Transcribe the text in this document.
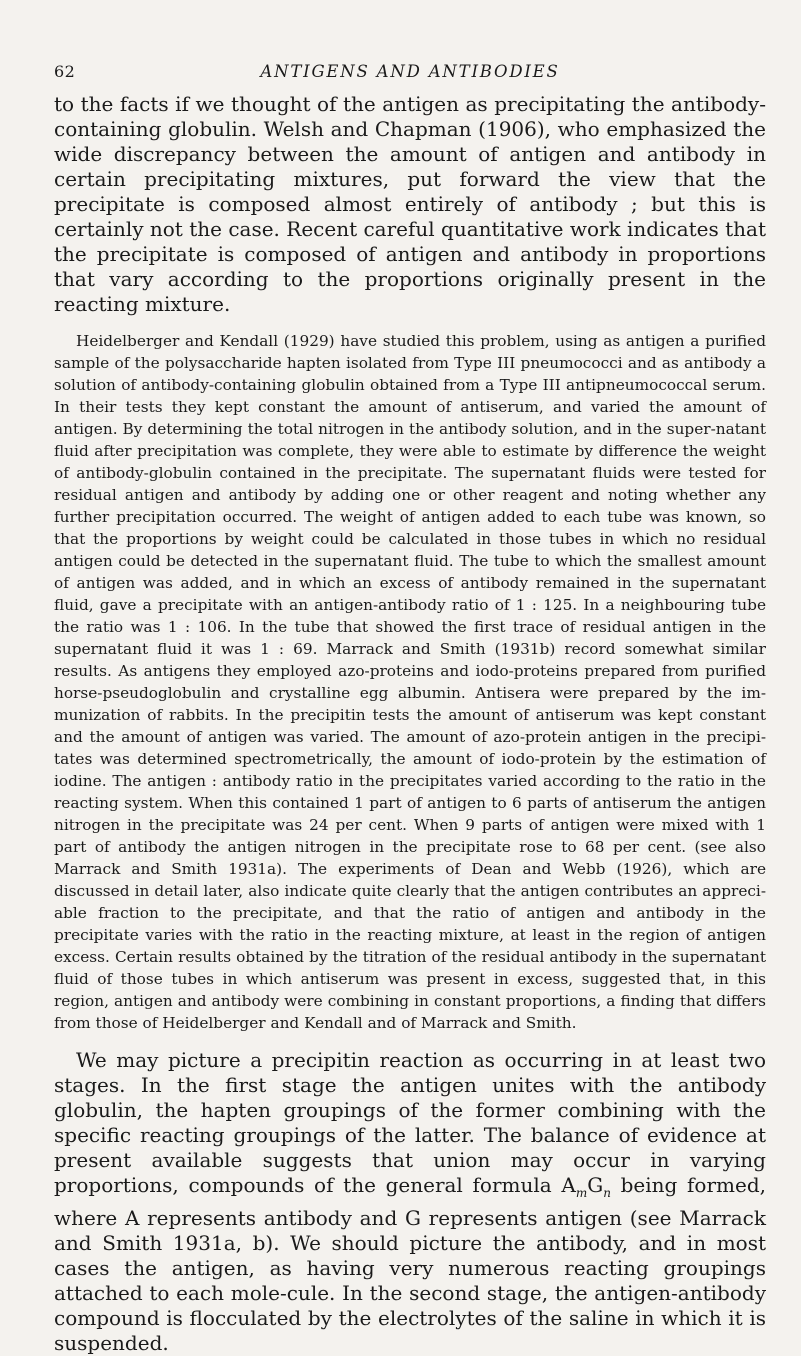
62	ANTIGENS AND ANTIBODIES

to the facts if we thought of the antigen as precipitating the antibody-containing globulin. Welsh and Chapman (1906), who emphasized the wide discrepancy between the amount of antigen and antibody in certain precipitating mixtures, put forward the view that the precipitate is composed almost entirely of antibody ; but this is certainly not the case. Recent careful quantitative work indicates that the precipitate is composed of antigen and antibody in proportions that vary according to the proportions originally present in the reacting mixture.

Heidelberger and Kendall (1929) have studied this problem, using as antigen a purified sample of the polysaccharide hapten isolated from Type III pneumococci and as antibody a solution of antibody-containing globulin obtained from a Type III antipneumococcal serum. In their tests they kept constant the amount of antiserum, and varied the amount of antigen. By determining the total nitrogen in the antibody solution, and in the super-natant fluid after precipitation was complete, they were able to estimate by difference the weight of antibody-globulin contained in the precipitate. The supernatant fluids were tested for residual antigen and antibody by adding one or other reagent and noting whether any further precipitation occurred. The weight of antigen added to each tube was known, so that the proportions by weight could be calculated in those tubes in which no residual antigen could be detected in the supernatant fluid. The tube to which the smallest amount of antigen was added, and in which an excess of antibody remained in the supernatant fluid, gave a precipitate with an antigen-antibody ratio of 1 : 125. In a neighbouring tube the ratio was 1 : 106. In the tube that showed the first trace of residual antigen in the supernatant fluid it was 1 : 69. Marrack and Smith (1931b) record somewhat similar results. As antigens they employed azo-proteins and iodo-proteins prepared from purified horse-pseudoglobulin and crystalline egg albumin. Antisera were prepared by the im-munization of rabbits. In the precipitin tests the amount of antiserum was kept constant and the amount of antigen was varied. The amount of azo-protein antigen in the precipi-tates was determined spectrometrically, the amount of iodo-protein by the estimation of iodine. The antigen : antibody ratio in the precipitates varied according to the ratio in the reacting system. When this contained 1 part of antigen to 6 parts of antiserum the antigen nitrogen in the precipitate was 24 per cent. When 9 parts of antigen were mixed with 1 part of antibody the antigen nitrogen in the precipitate rose to 68 per cent. (see also Marrack and Smith 1931a). The experiments of Dean and Webb (1926), which are discussed in detail later, also indicate quite clearly that the antigen contributes an appreci-able fraction to the precipitate, and that the ratio of antigen and antibody in the precipitate varies with the ratio in the reacting mixture, at least in the region of antigen excess. Certain results obtained by the titration of the residual antibody in the supernatant fluid of those tubes in which antiserum was present in excess, suggested that, in this region, antigen and antibody were combining in constant proportions, a finding that differs from those of Heidelberger and Kendall and of Marrack and Smith.

We may picture a precipitin reaction as occurring in at least two stages. In the first stage the antigen unites with the antibody globulin, the hapten groupings of the former combining with the specific reacting groupings of the latter. The balance of evidence at present available suggests that union may occur in varying proportions, compounds of the general formula $A_mG_n$ being formed, where A represents antibody and G represents antigen (see Marrack and Smith 1931a, b). We should picture the antibody, and in most cases the antigen, as having very numerous reacting groupings attached to each mole-cule. In the second stage, the antigen-antibody compound is flocculated by the electrolytes of the saline in which it is suspended.
